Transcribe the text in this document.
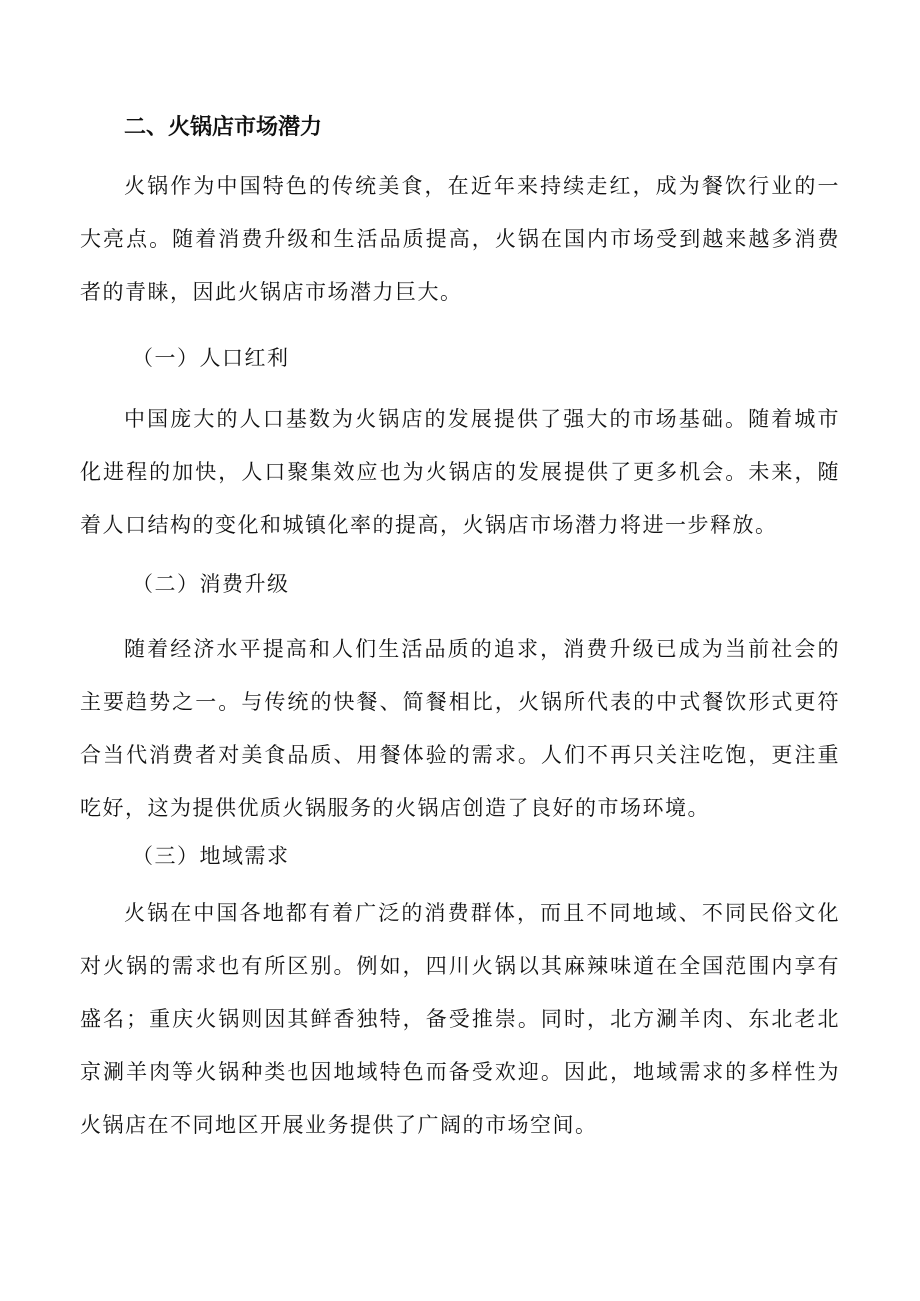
二、火锅店市场潜力

火锅作为中国特色的传统美食，在近年来持续走红，成为餐饮行业的一大亮点。随着消费升级和生活品质提高，火锅在国内市场受到越来越多消费者的青睐，因此火锅店市场潜力巨大。

（一）人口红利

中国庞大的人口基数为火锅店的发展提供了强大的市场基础。随着城市化进程的加快，人口聚集效应也为火锅店的发展提供了更多机会。未来，随着人口结构的变化和城镇化率的提高，火锅店市场潜力将进一步释放。

（二）消费升级

随着经济水平提高和人们生活品质的追求，消费升级已成为当前社会的主要趋势之一。与传统的快餐、简餐相比，火锅所代表的中式餐饮形式更符合当代消费者对美食品质、用餐体验的需求。人们不再只关注吃饱，更注重吃好，这为提供优质火锅服务的火锅店创造了良好的市场环境。

（三）地域需求

火锅在中国各地都有着广泛的消费群体，而且不同地域、不同民俗文化对火锅的需求也有所区别。例如，四川火锅以其麻辣味道在全国范围内享有盛名；重庆火锅则因其鲜香独特，备受推崇。同时，北方涮羊肉、东北老北京涮羊肉等火锅种类也因地域特色而备受欢迎。因此，地域需求的多样性为火锅店在不同地区开展业务提供了广阔的市场空间。
